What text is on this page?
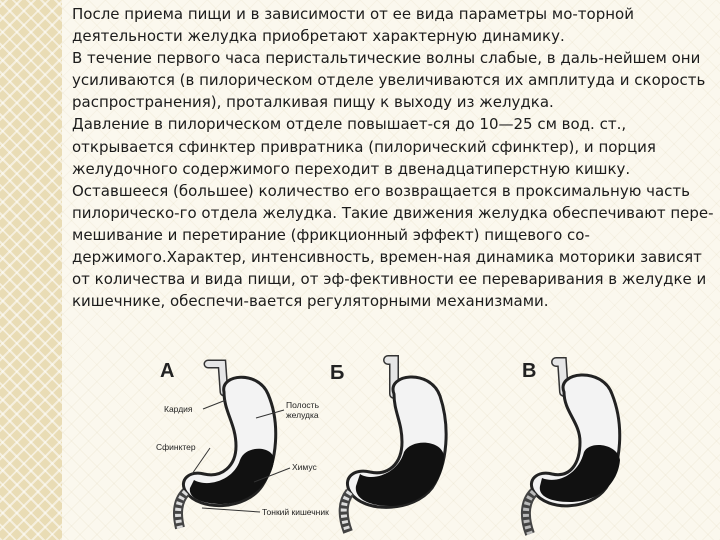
После приема пищи и в зависимости от ее вида параметры мо-торной деятельности желудка приобретают характерную динамику.

В течение первого часа перистальтические волны слабые, в даль-нейшем они усиливаются (в пилорическом отделе увеличиваются их амплитуда и скорость распространения), проталкивая пищу к выходу из желудка.

Давление в пилорическом отделе повышает-ся до 10—25 см вод. ст., открывается сфинктер привратника (пилорический сфинктер), и порция желудочного содержимого переходит в двенадцатиперстную кишку.

Оставшееся (большее) количество его возвращается в проксимальную часть пилорическо-го отдела желудка. Такие движения желудка обеспечивают пере-мешивание и перетирание (фрикционный эффект) пищевого со-держимого.Характер, интенсивность, времен-ная динамика моторики зависят от количества и вида пищи, от эф-фективности ее переваривания в желудке и кишечнике, обеспечи-вается регуляторными механизмами.

А	Б	В
Кардия	Полость желудка
Сфинктер
Химус
Тонкий кишечник
